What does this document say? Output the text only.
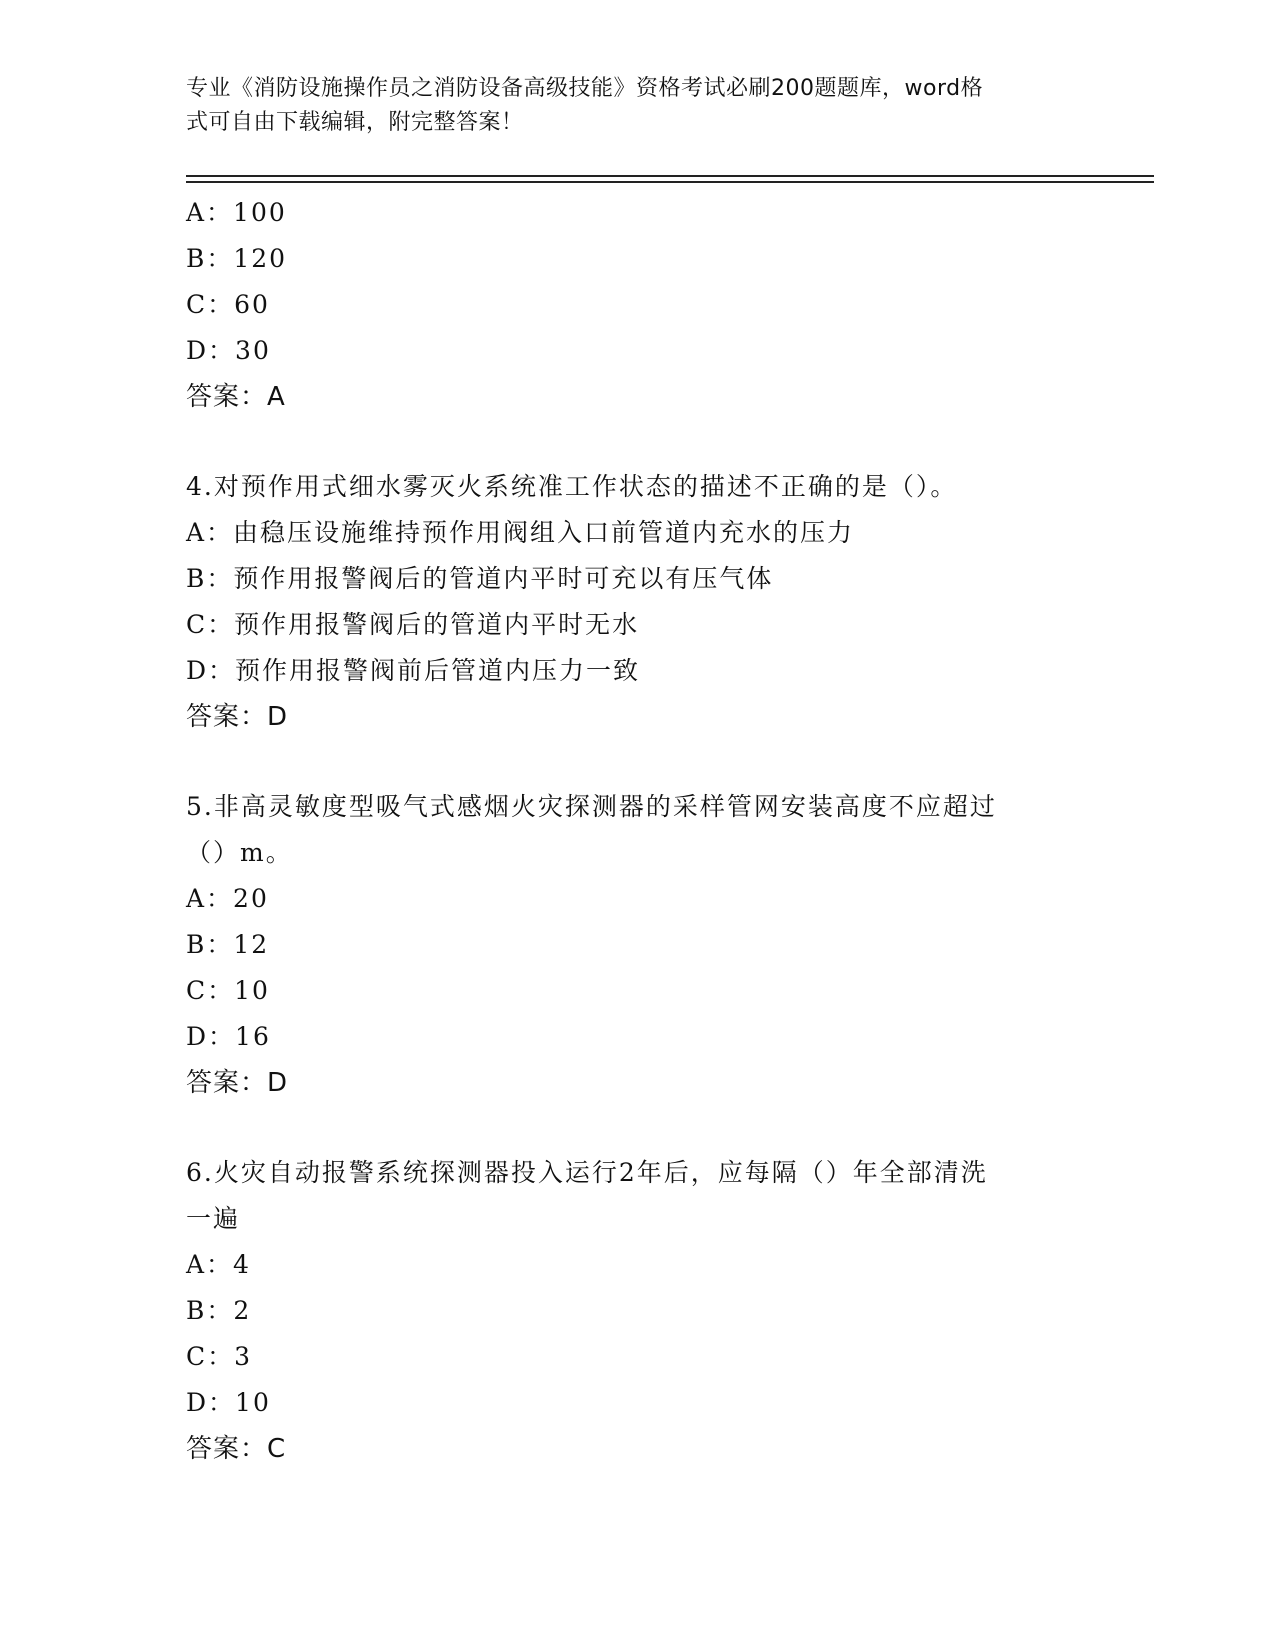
专业《消防设施操作员之消防设备高级技能》资格考试必刷200题题库，word格
式可自由下载编辑，附完整答案！
A：100
B：120
C：60
D：30
答案：A
4.对预作用式细水雾灭火系统准工作状态的描述不正确的是（）。
A：由稳压设施维持预作用阀组入口前管道内充水的压力
B：预作用报警阀后的管道内平时可充以有压气体
C：预作用报警阀后的管道内平时无水
D：预作用报警阀前后管道内压力一致
答案：D
5.非高灵敏度型吸气式感烟火灾探测器的采样管网安装高度不应超过
（）m。
A：20
B：12
C：10
D：16
答案：D
6.火灾自动报警系统探测器投入运行2年后，应每隔（）年全部清洗
一遍
A：4
B：2
C：3
D：10
答案：C
